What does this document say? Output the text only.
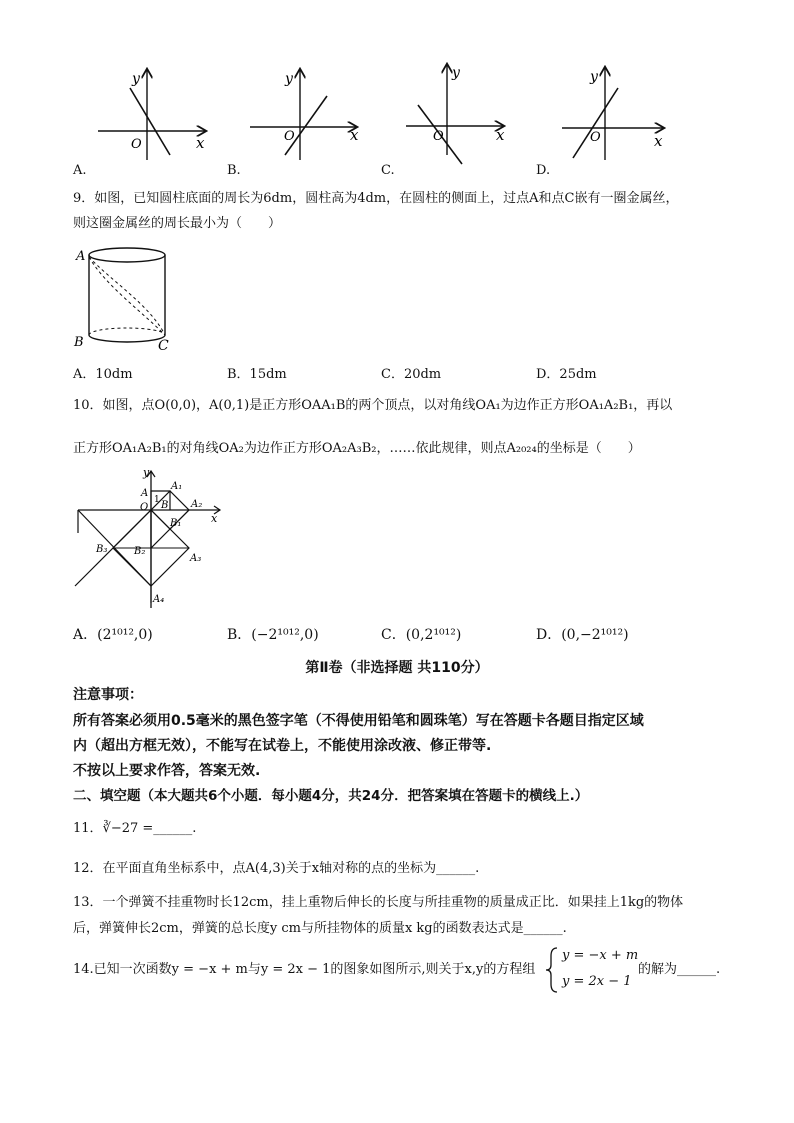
y
O	x
y
O	x
y
O	x
y
O	x
A.	B.	C.	D.
9．如图，已知圆柱底面的周长为6dm，圆柱高为4dm，在圆柱的侧面上，过点A和点C嵌有一圈金属丝，
则这圈金属丝的周长最小为（　　）
A
B	C
A．10dm	B．15dm	C．20dm	D．25dm
10．如图，点O(0,0)，A(0,1)是正方形OAA₁B的两个顶点，以对角线OA₁为边作正方形OA₁A₂B₁，再以
正方形OA₁A₂B₁的对角线OA₂为边作正方形OA₂A₃B₂，……依此规律，则点A₂₀₂₄的坐标是（　　）
y
x
A
A₁
A₂
A₃
A₄
O B
B₁
B₂
B₃
1
A．(2¹⁰¹²,0)	B．(−2¹⁰¹²,0)	C．(0,2¹⁰¹²)	D．(0,−2¹⁰¹²)
第Ⅱ卷（非选择题 共110分）
注意事项：
所有答案必须用0.5毫米的黑色签字笔（不得使用铅笔和圆珠笔）写在答题卡各题目指定区域
内（超出方框无效），不能写在试卷上，不能使用涂改液、修正带等.
不按以上要求作答，答案无效.
二、填空题（本大题共6个小题．每小题4分，共24分．把答案填在答题卡的横线上.）
11．∛−27 =______.
12．在平面直角坐标系中，点A(4,3)关于x轴对称的点的坐标为______.
13．一个弹簧不挂重物时长12cm，挂上重物后伸长的长度与所挂重物的质量成正比．如果挂上1kg的物体
后，弹簧伸长2cm，弹簧的总长度y cm与所挂物体的质量x kg的函数表达式是______.
14.已知一次函数y = −x + m与y = 2x − 1的图象如图所示,则关于x,y的方程组
y = −x + m
y = 2x − 1
的解为______.
